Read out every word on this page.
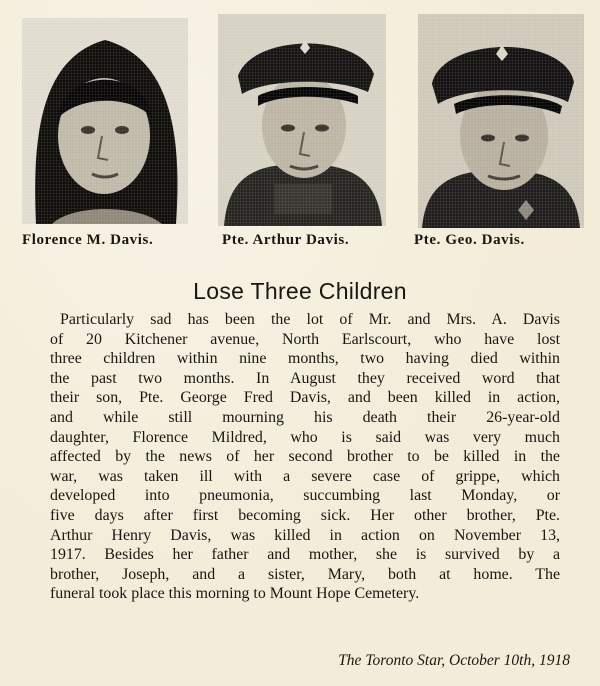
Florence M. Davis.	Pte. Arthur Davis.	Pte. Geo. Davis.
Lose Three Children

Particularly sad has been the lot of Mr. and Mrs. A. Davis
of 20 Kitchener avenue, North Earlscourt, who have lost
three children within nine months, two having died within
the past two months. In August they received word that
their son, Pte. George Fred Davis, and been killed in action,
and while still mourning his death their 26-year-old
daughter, Florence Mildred, who is said was very much
affected by the news of her second brother to be killed in the
war, was taken ill with a severe case of grippe, which
developed into pneumonia, succumbing last Monday, or
five days after first becoming sick. Her other brother, Pte.
Arthur Henry Davis, was killed in action on November 13,
1917. Besides her father and mother, she is survived by a
brother, Joseph, and a sister, Mary, both at home. The
funeral took place this morning to Mount Hope Cemetery.

The Toronto Star, October 10th, 1918
